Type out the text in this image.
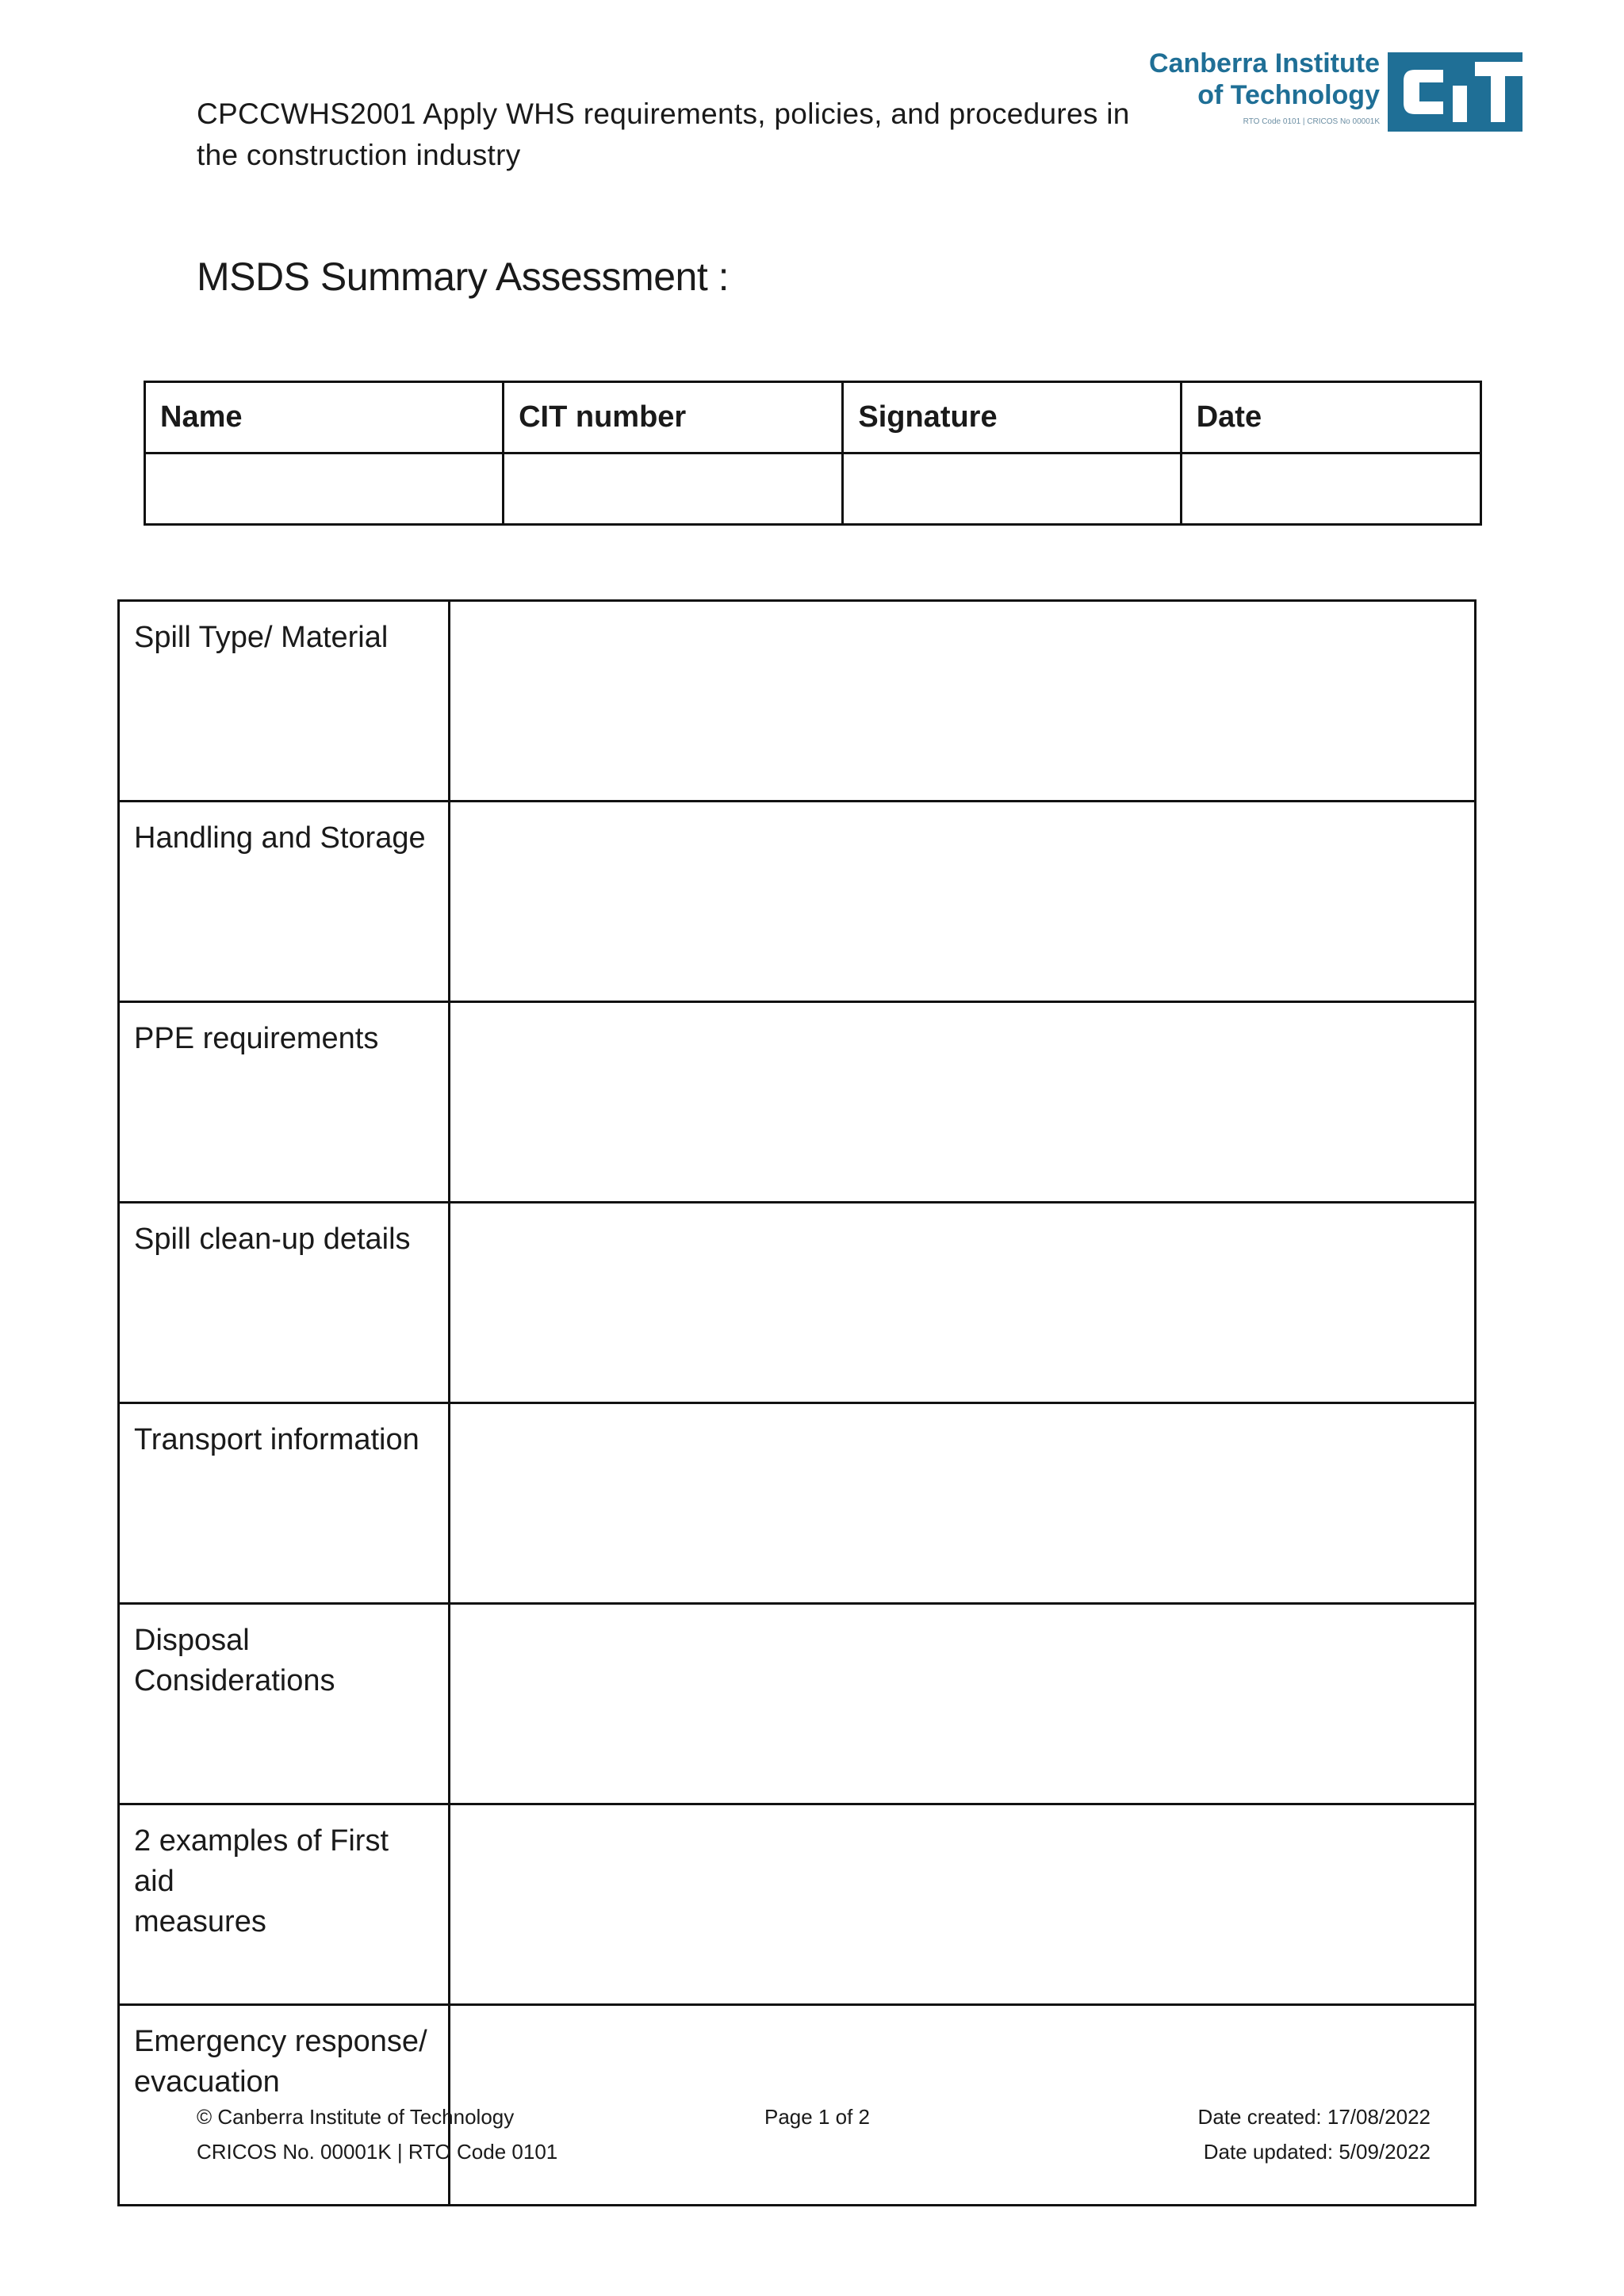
CPCCWHS2001 Apply WHS requirements, policies, and procedures in
the construction industry
Canberra Institute
of Technology
RTO Code 0101 | CRICOS No 00001K
MSDS Summary Assessment :
Name	CIT number	Signature	Date

Spill Type/ Material	

Handling and Storage	

PPE requirements	

Spill clean-up details	

Transport information	

Disposal
Considerations	

2 examples of First aid
measures	

Emergency response/
evacuation	

© Canberra Institute of Technology
CRICOS No. 00001K | RTO Code 0101
Page 1 of 2	Date created: 17/08/2022
Date updated: 5/09/2022
